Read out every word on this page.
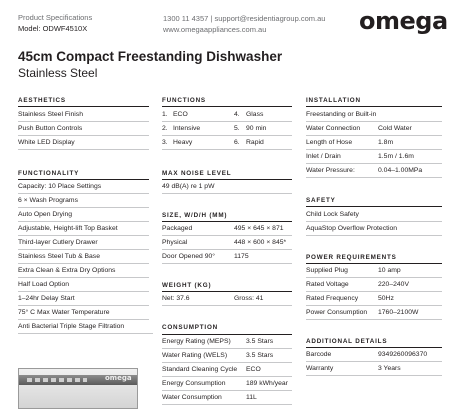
Product Specifications
Model: ODWF4510X
1300 11 4357 | support@residentiagroup.com.au
www.omegaappliances.com.au	omega
45cm Compact Freestanding Dishwasher
Stainless Steel
AESTHETICS
Stainless Steel Finish
Push Button Controls
White LED Display
FUNCTIONALITY
Capacity: 10 Place Settings
6 × Wash Programs
Auto Open Drying
Adjustable, Height-lift Top Basket
Third-layer Cutlery Drawer
Stainless Steel Tub & Base
Extra Clean & Extra Dry Options
Half Load Option
1–24hr Delay Start
75° C Max Water Temperature
Anti Bacterial Triple Stage Filtration
omega
FUNCTIONS
1. ECO	4. Glass
2. Intensive	5. 90 min
3. Heavy	6. Rapid
MAX NOISE LEVEL
49 dB(A) re 1 pW
SIZE, W/D/H (MM)
Packaged	495 × 645 × 871
Physical	448 × 600 × 845*
Door Opened 90°	1175
WEIGHT (KG)
Net: 37.6	Gross: 41
CONSUMPTION
Energy Rating (MEPS) 3.5 Stars
Water Rating (WELS)	3.5 Stars
Standard Cleaning Cycle ECO
Energy Consumption	189 kWh/year
Water Consumption	11L
INSTALLATION
Freestanding or Built-in
Water Connection	Cold Water
Length of Hose	1.8m
Inlet / Drain	1.5m / 1.6m
Water Pressure:	0.04–1.00MPa
SAFETY
Child Lock Safety
AquaStop Overflow Protection
POWER REQUIREMENTS
Supplied Plug	10 amp
Rated Voltage	220–240V
Rated Frequency	50Hz
Power Consumption 1760–2100W
ADDITIONAL DETAILS
Barcode	9349260096370
Warranty	3 Years
